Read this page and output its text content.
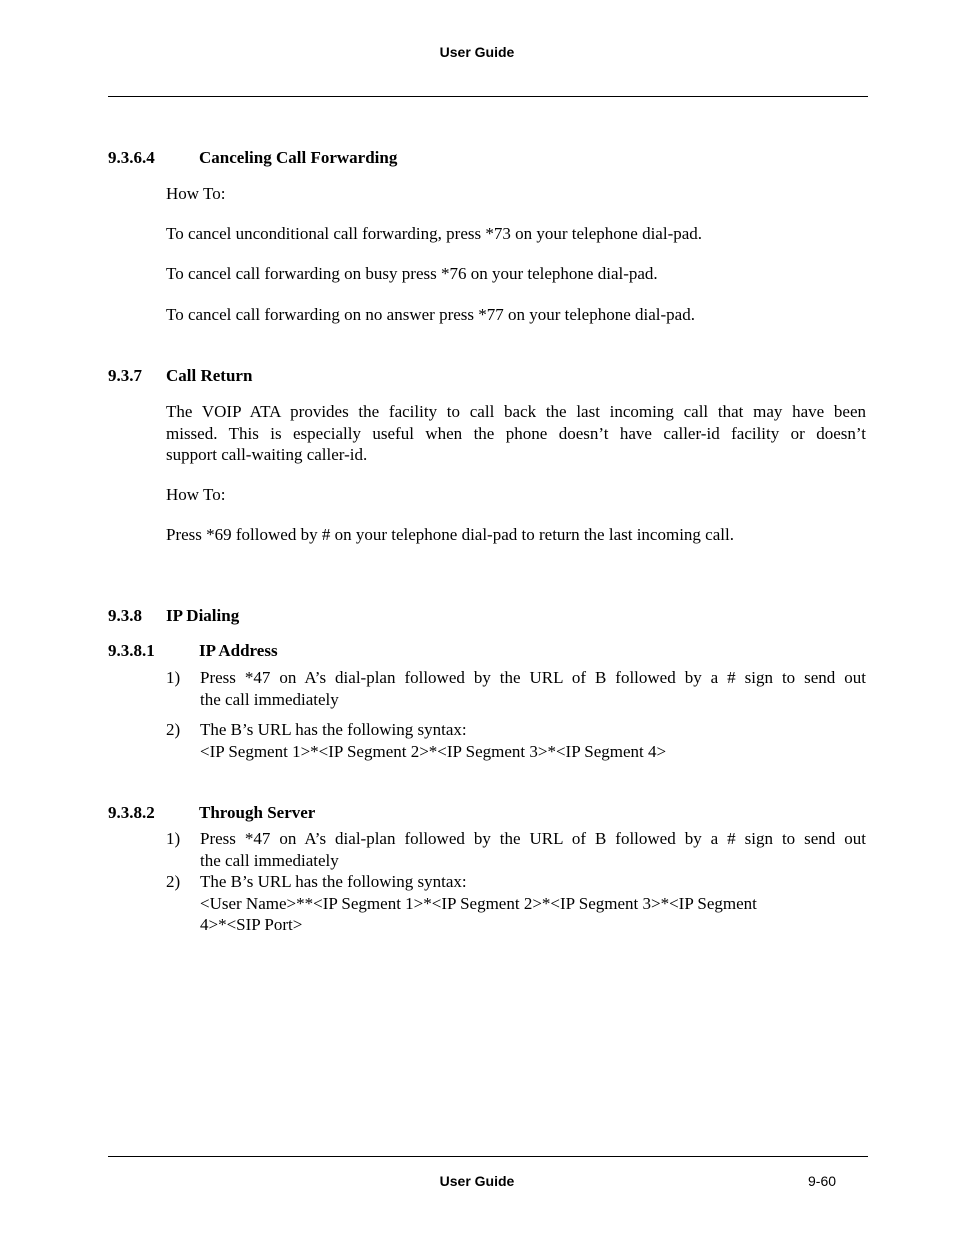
User Guide
9.3.6.4	Canceling Call Forwarding
How To:
To cancel unconditional call forwarding, press *73 on your telephone dial-pad.
To cancel call forwarding on busy press *76 on your telephone dial-pad.
To cancel call forwarding on no answer press *77 on your telephone dial-pad.
9.3.7 Call Return
The VOIP ATA provides the facility to call back the last incoming call that may have been
missed. This is especially useful when the phone doesn’t have caller-id facility or doesn’t
support call-waiting caller-id.
How To:
Press *69 followed by # on your telephone dial-pad to return the last incoming call.
9.3.8 IP Dialing
9.3.8.1	IP Address
1) Press *47 on A’s dial-plan followed by the URL of B followed by a # sign to send out
the call immediately
2) The B’s URL has the following syntax:
<IP Segment 1>*<IP Segment 2>*<IP Segment 3>*<IP Segment 4>
9.3.8.2	Through Server
1) Press *47 on A’s dial-plan followed by the URL of B followed by a # sign to send out
the call immediately
2) The B’s URL has the following syntax:
<User Name>**<IP Segment 1>*<IP Segment 2>*<IP Segment 3>*<IP Segment
4>*<SIP Port>
User Guide	9-60
